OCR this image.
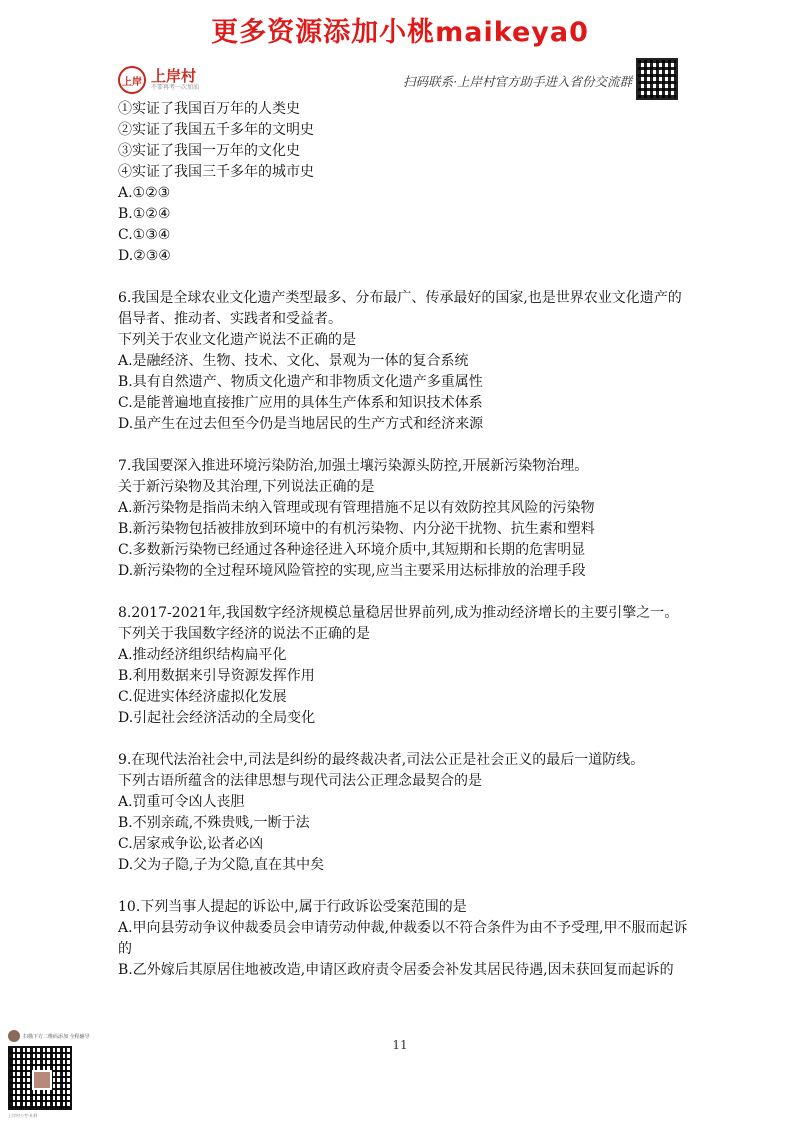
更多资源添加小桃maikeya0
上岸 上岸村
不要再考一次加油	扫码联系·上岸村官方助手进入省份交流群
①实证了我国百万年的人类史
②实证了我国五千多年的文明史
③实证了我国一万年的文化史
④实证了我国三千多年的城市史
A.①②③
B.①②④
C.①③④
D.②③④
6.我国是全球农业文化遗产类型最多、分布最广、传承最好的国家,也是世界农业文化遗产的倡导者、推动者、实践者和受益者。
下列关于农业文化遗产说法不正确的是
A.是融经济、生物、技术、文化、景观为一体的复合系统
B.具有自然遗产、物质文化遗产和非物质文化遗产多重属性
C.是能普遍地直接推广应用的具体生产体系和知识技术体系
D.虽产生在过去但至今仍是当地居民的生产方式和经济来源
7.我国要深入推进环境污染防治,加强土壤污染源头防控,开展新污染物治理。
关于新污染物及其治理,下列说法正确的是
A.新污染物是指尚未纳入管理或现有管理措施不足以有效防控其风险的污染物
B.新污染物包括被排放到环境中的有机污染物、内分泌干扰物、抗生素和塑料
C.多数新污染物已经通过各种途径进入环境介质中,其短期和长期的危害明显
D.新污染物的全过程环境风险管控的实现,应当主要采用达标排放的治理手段
8.2017-2021年,我国数字经济规模总量稳居世界前列,成为推动经济增长的主要引擎之一。
下列关于我国数字经济的说法不正确的是
A.推动经济组织结构扁平化
B.利用数据来引导资源发挥作用
C.促进实体经济虚拟化发展
D.引起社会经济活动的全局变化
9.在现代法治社会中,司法是纠纷的最终裁决者,司法公正是社会正义的最后一道防线。
下列古语所蕴含的法律思想与现代司法公正理念最契合的是
A.罚重可令凶人丧胆
B.不别亲疏,不殊贵贱,一断于法
C.居家戒争讼,讼者必凶
D.父为子隐,子为父隐,直在其中矣
10.下列当事人提起的诉讼中,属于行政诉讼受案范围的是
A.甲向县劳动争议仲裁委员会申请劳动仲裁,仲裁委以不符合条件为由不予受理,甲不服而起诉的
B.乙外嫁后其原居住地被改造,申请区政府责令居委会补发其居民待遇,因未获回复而起诉的
11
扫描下方二维码添加 全程辅导
上岸村公考·社群
